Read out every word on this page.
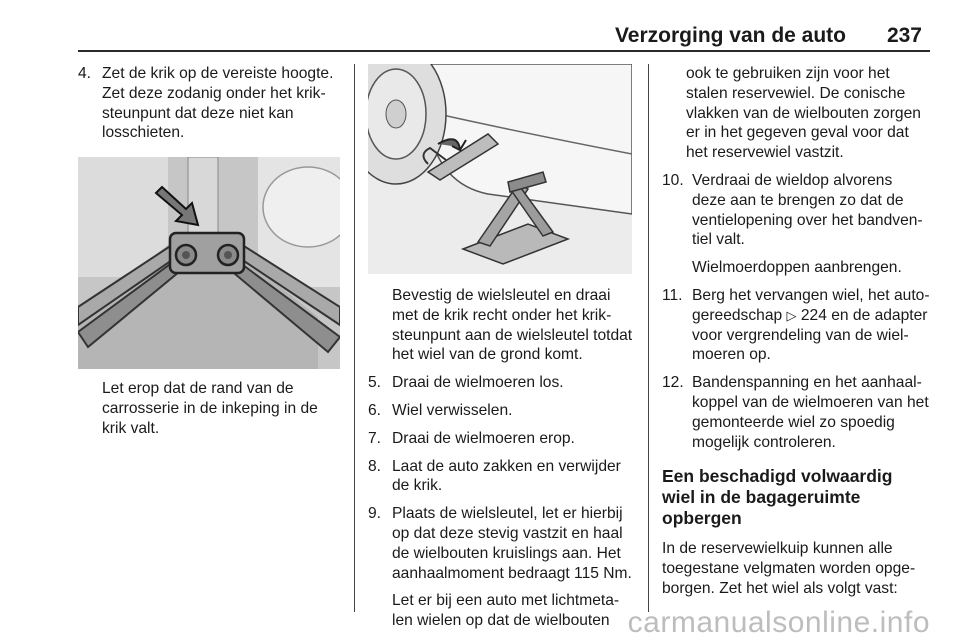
Verzorging van de auto 237
4. Zet de krik op de vereiste hoogte. Zet deze zodanig onder het krik-steunpunt dat deze niet kan losschieten.

Let erop dat de rand van de carrosserie in de inkeping in de krik valt.

Bevestig de wielsleutel en draai met de krik recht onder het krik-steunpunt aan de wielsleutel totdat het wiel van de grond komt.

5. Draai de wielmoeren los.
6. Wiel verwisselen.
7. Draai de wielmoeren erop.
8. Laat de auto zakken en verwijder de krik.
9. Plaats de wielsleutel, let er hierbij op dat deze stevig vastzit en haal de wielbouten kruislings aan. Het aanhaalmoment bedraagt 115 Nm.

Let er bij een auto met lichtmeta-len wielen op dat de wielbouten

ook te gebruiken zijn voor het stalen reservewiel. De conische vlakken van de wielbouten zorgen er in het gegeven geval voor dat het reservewiel vastzit.

10. Verdraai de wieldop alvorens deze aan te brengen zo dat de ventielopening over het bandven-tiel valt.

Wielmoerdoppen aanbrengen.

11. Berg het vervangen wiel, het auto-gereedschap ▷ 224 en de adapter voor vergrendeling van de wiel-moeren op.
12. Bandenspanning en het aanhaal-koppel van de wielmoeren van het gemonteerde wiel zo spoedig mogelijk controleren.
Een beschadigd volwaardig wiel in de bagageruimte opbergen

In de reservewielkuip kunnen alle toegestane velgmaten worden opge-borgen. Zet het wiel als volgt vast:

carmanualsonline.info
